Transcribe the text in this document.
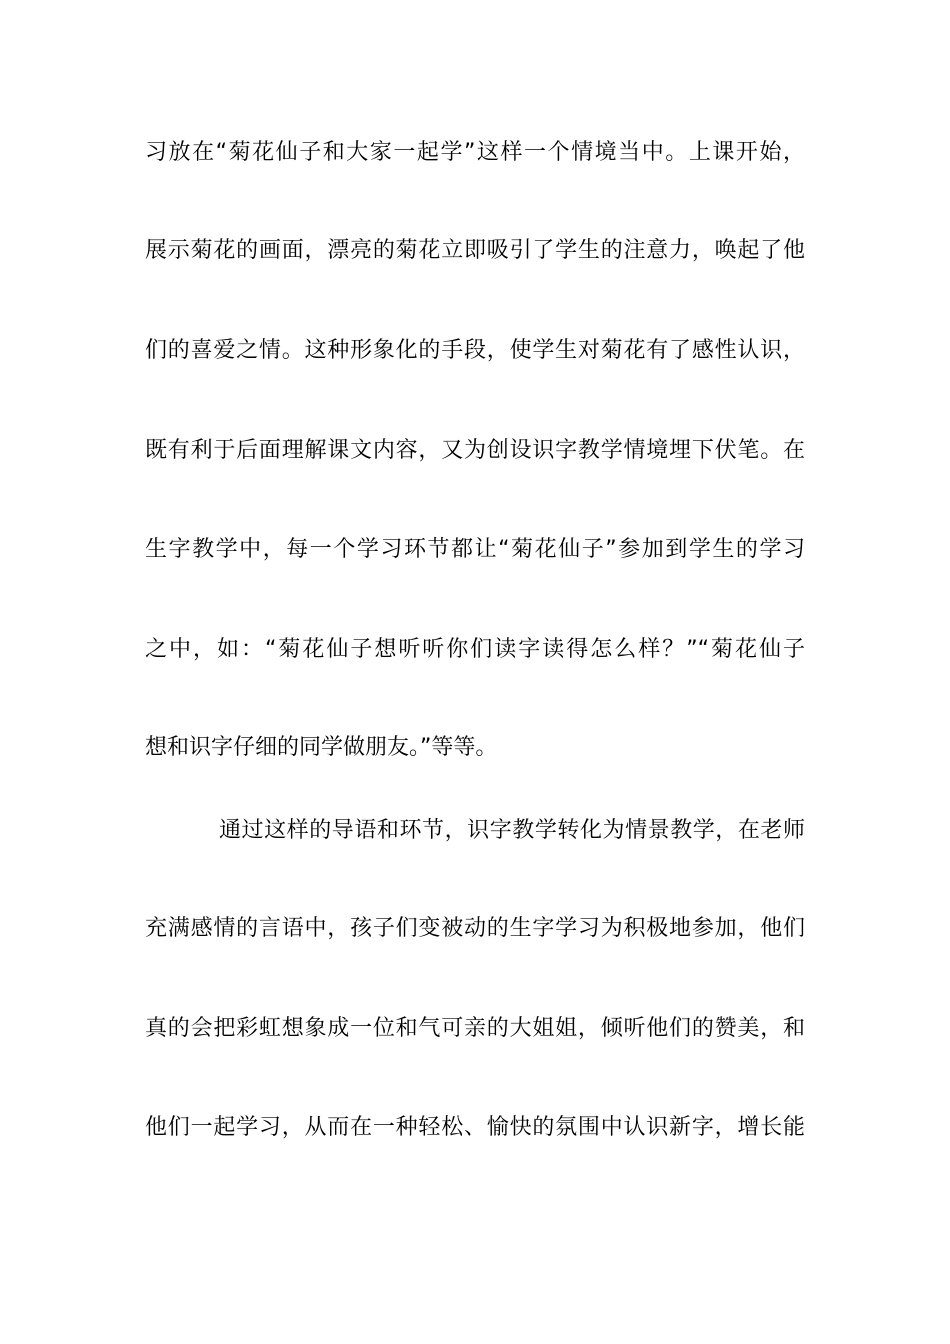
习放在“菊花仙子和大家一起学”这样一个情境当中。上课开始，
展示菊花的画面，漂亮的菊花立即吸引了学生的注意力，唤起了他
们的喜爱之情。这种形象化的手段，使学生对菊花有了感性认识，
既有利于后面理解课文内容，又为创设识字教学情境埋下伏笔。在
生字教学中，每一个学习环节都让“菊花仙子”参加到学生的学习
之中，如：“菊花仙子想听听你们读字读得怎么样？”“菊花仙子
想和识字仔细的同学做朋友。”等等。
通过这样的导语和环节，识字教学转化为情景教学，在老师
充满感情的言语中，孩子们变被动的生字学习为积极地参加，他们
真的会把彩虹想象成一位和气可亲的大姐姐，倾听他们的赞美，和
他们一起学习，从而在一种轻松、愉快的氛围中认识新字，增长能
